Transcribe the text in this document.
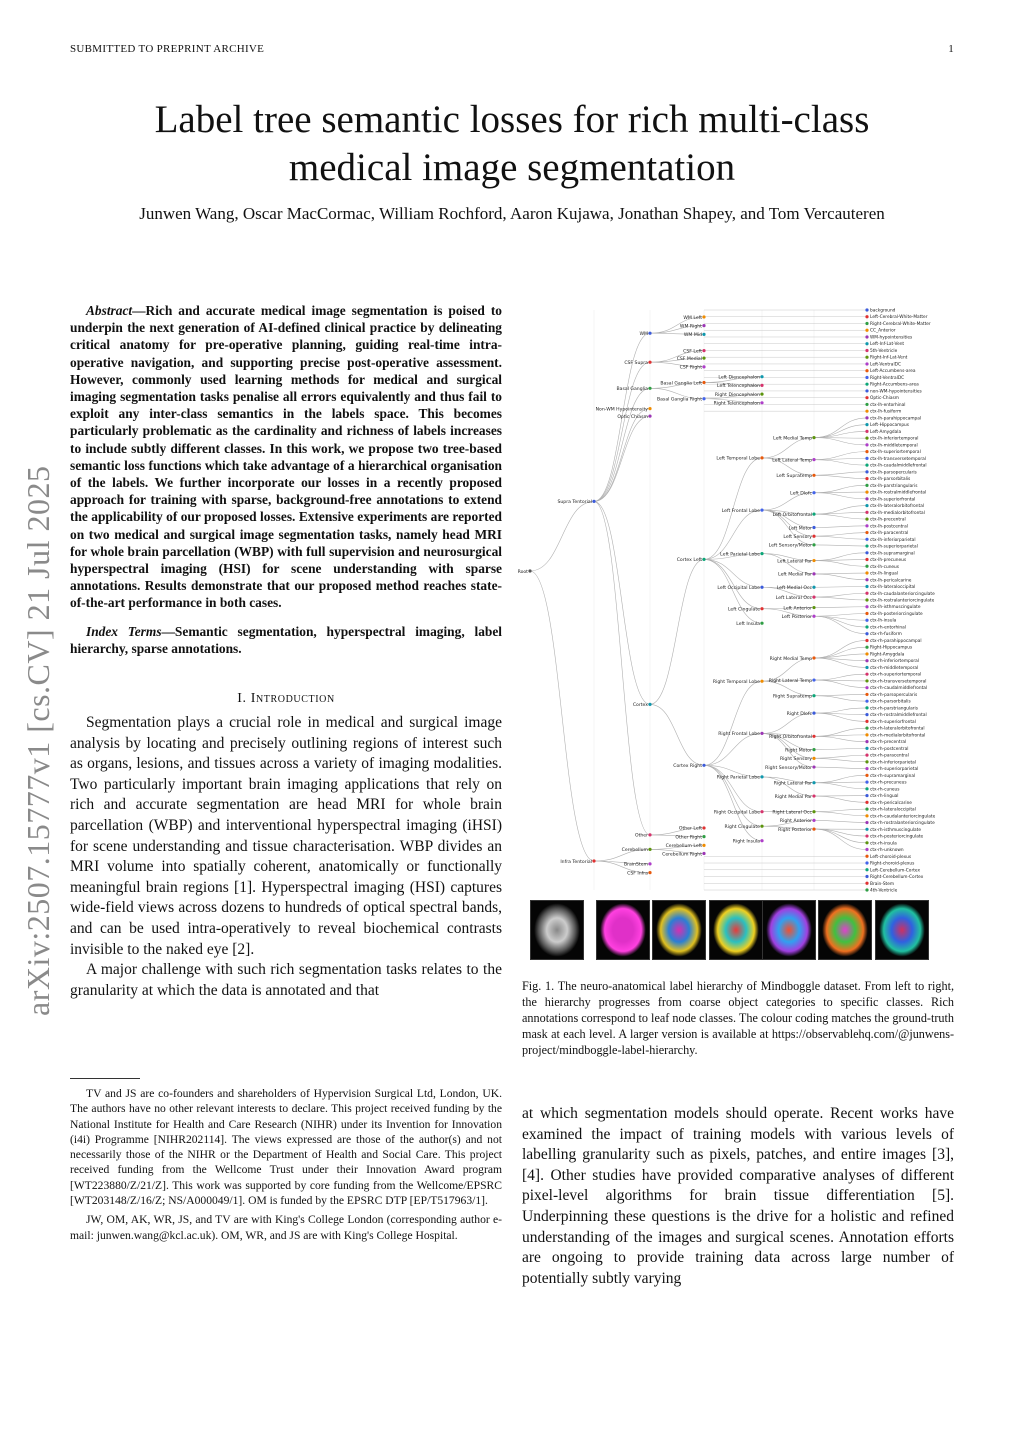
SUBMITTED TO PREPRINT ARCHIVE	1
Label tree semantic losses for rich multi-class
medical image segmentation
Junwen Wang, Oscar MacCormac, William Rochford, Aaron Kujawa, Jonathan Shapey, and Tom Vercauteren
arXiv:2507.15777v1 [cs.CV] 21 Jul 2025

Abstract—Rich and accurate medical image segmentation is poised to underpin the next generation of AI-defined clinical practice by delineating critical anatomy for pre-operative planning, guiding real-time intra-operative navigation, and supporting precise post-operative assessment. However, commonly used learning methods for medical and surgical imaging segmentation tasks penalise all errors equivalently and thus fail to exploit any inter-class semantics in the labels space. This becomes particularly problematic as the cardinality and richness of labels increases to include subtly different classes. In this work, we propose two tree-based semantic loss functions which take advantage of a hierarchical organisation of the labels. We further incorporate our losses in a recently proposed approach for training with sparse, background-free annotations to extend the applicability of our proposed losses. Extensive experiments are reported on two medical and surgical image segmentation tasks, namely head MRI for whole brain parcellation (WBP) with full supervision and neurosurgical hyperspectral imaging (HSI) for scene understanding with sparse annotations. Results demonstrate that our proposed method reaches state-of-the-art performance in both cases.

Index Terms—Semantic segmentation, hyperspectral imaging, label hierarchy, sparse annotations.

I. Introduction

Segmentation plays a crucial role in medical and surgical image analysis by locating and precisely outlining regions of interest such as organs, lesions, and tissues across a variety of imaging modalities. Two particularly important brain imaging applications that rely on rich and accurate segmentation are head MRI for whole brain parcellation (WBP) and interventional hyperspectral imaging (iHSI) for scene understanding and tissue characterisation. WBP divides an MRI volume into spatially coherent, anatomically or functionally meaningful brain regions [1]. Hyperspectral imaging (HSI) captures wide-field views across dozens to hundreds of optical spectral bands, and can be used intra-operatively to reveal biochemical contrasts invisible to the naked eye [2].

A major challenge with such rich segmentation tasks relates to the granularity at which the data is annotated and that

TV and JS are co-founders and shareholders of Hypervision Surgical Ltd, London, UK. The authors have no other relevant interests to declare. This project received funding by the National Institute for Health and Care Research (NIHR) under its Invention for Innovation (i4i) Programme [NIHR202114]. The views expressed are those of the author(s) and not necessarily those of the NIHR or the Department of Health and Social Care. This project received funding from the Wellcome Trust under their Innovation Award program [WT223880/Z/21/Z]. This work was supported by core funding from the Wellcome/EPSRC [WT203148/Z/16/Z; NS/A000049/1]. OM is funded by the EPSRC DTP [EP/T517963/1].

JW, OM, AK, WR, JS, and TV are with King's College London (corresponding author e-mail: junwen.wang@kcl.ac.uk). OM, WR, and JS are with King's College Hospital.

Root
Supra Tentorial
Infra Tentorial
WM
CSF Supra
Basal Ganglia
Non-WM Hypointensity
Optic Chiasm
Cortex
Other
Cerebellum
BrainStem
CSF Infra
WM Left
WM Right
WM Mid
CSF Left
CSF Medial
CSF Right
Basal Ganglia Left
Basal Ganglia Right
Cortex Left
Cortex Right
Other Left
Other Right
Cerebellum Left
Cerebellum Right
Left Diencephalon
Left Telencephalon
Right Diencephalon
Right Telencephalon
Left Temporal Lobe
Left Frontal Lobe
Left Parietal Lobe
Left Occipital Lobe
Left Cingulate
Left Insula
Right Temporal Lobe
Right Frontal Lobe
Right Parietal Lobe
Right Occipital Lobe
Right Cingulate
Right Insula
Left Medial Temp
Left Lateral Temp
Left Supratemp
Left Dlofc
Left Orbitofrontal
Left Motor
Left Sensory
Left Sensory/Motor
Left Lateral Par
Left Medial Par
Left Medial Occ
Left Lateral Occ
Left Anterior
Left Posterior
Right Medial Temp
Right Lateral Temp
Right Supratemp
Right Dlofc
Right Orbitofrontal
Right Motor
Right Sensory
Right Sensory/Motor
Right Lateral Par
Right Medial Par
Right Lateral Occ
Right Anterior
Right Posterior
background
Left-Cerebral-White-Matter
Right-Cerebral-White-Matter
CC_Anterior
WM-hypointensities
Left-Inf-Lat-Vent
5th-Ventricle
Right-Inf-Lat-Vent
Left-VentralDC
Left-Accumbens-area
Right-VentralDC
Right-Accumbens-area
non-WM-hypointensities
Optic-Chiasm
ctx-lh-entorhinal
ctx-lh-fusiform
ctx-lh-parahippocampal
Left-Hippocampus
Left-Amygdala
ctx-lh-inferiortemporal
ctx-lh-middletemporal
ctx-lh-superiortemporal
ctx-lh-transversetemporal
ctx-lh-caudalmiddlefrontal
ctx-lh-parsopercularis
ctx-lh-parsorbitalis
ctx-lh-parstriangularis
ctx-lh-rostralmiddlefrontal
ctx-lh-superiorfrontal
ctx-lh-lateralorbitofrontal
ctx-lh-medialorbitofrontal
ctx-lh-precentral
ctx-lh-postcentral
ctx-lh-paracentral
ctx-lh-inferiorparietal
ctx-lh-superiorparietal
ctx-lh-supramarginal
ctx-lh-precuneus
ctx-lh-cuneus
ctx-lh-lingual
ctx-lh-pericalcarine
ctx-lh-lateraloccipital
ctx-lh-caudalanteriorcingulate
ctx-lh-rostralanteriorcingulate
ctx-lh-isthmuscingulate
ctx-lh-posteriorcingulate
ctx-lh-insula
ctx-rh-entorhinal
ctx-rh-fusiform
ctx-rh-parahippocampal
Right-Hippocampus
Right-Amygdala
ctx-rh-inferiortemporal
ctx-rh-middletemporal
ctx-rh-superiortemporal
ctx-rh-transversetemporal
ctx-rh-caudalmiddlefrontal
ctx-rh-parsopercularis
ctx-rh-parsorbitalis
ctx-rh-parstriangularis
ctx-rh-rostralmiddlefrontal
ctx-rh-superiorfrontal
ctx-rh-lateralorbitofrontal
ctx-rh-medialorbitofrontal
ctx-rh-precentral
ctx-rh-postcentral
ctx-rh-paracentral
ctx-rh-inferiorparietal
ctx-rh-superiorparietal
ctx-rh-supramarginal
ctx-rh-precuneus
ctx-rh-cuneus
ctx-rh-lingual
ctx-rh-pericalcarine
ctx-rh-lateraloccipital
ctx-rh-caudalanteriorcingulate
ctx-rh-rostralanteriorcingulate
ctx-rh-isthmuscingulate
ctx-rh-posteriorcingulate
ctx-rh-insula
ctx-rh-unknown
Left-choroid-plexus
Right-choroid-plexus
Left-Cerebellum-Cortex
Right-Cerebellum-Cortex
Brain-Stem
4th-Ventricle
Fig. 1. The neuro-anatomical label hierarchy of Mindboggle dataset. From left to right, the hierarchy progresses from coarse object categories to specific classes. Rich annotations correspond to leaf node classes. The colour coding matches the ground-truth mask at each level. A larger version is available at https://observablehq.com/@junwens-project/mindboggle-label-hierarchy.

at which segmentation models should operate. Recent works have examined the impact of training models with various levels of labelling granularity such as pixels, patches, and entire images [3], [4]. Other studies have provided comparative analyses of different pixel-level algorithms for brain tissue differentiation [5]. Underpinning these questions is the drive for a holistic and refined understanding of the images and surgical scenes. Annotation efforts are ongoing to provide training data across large number of potentially subtly varying
